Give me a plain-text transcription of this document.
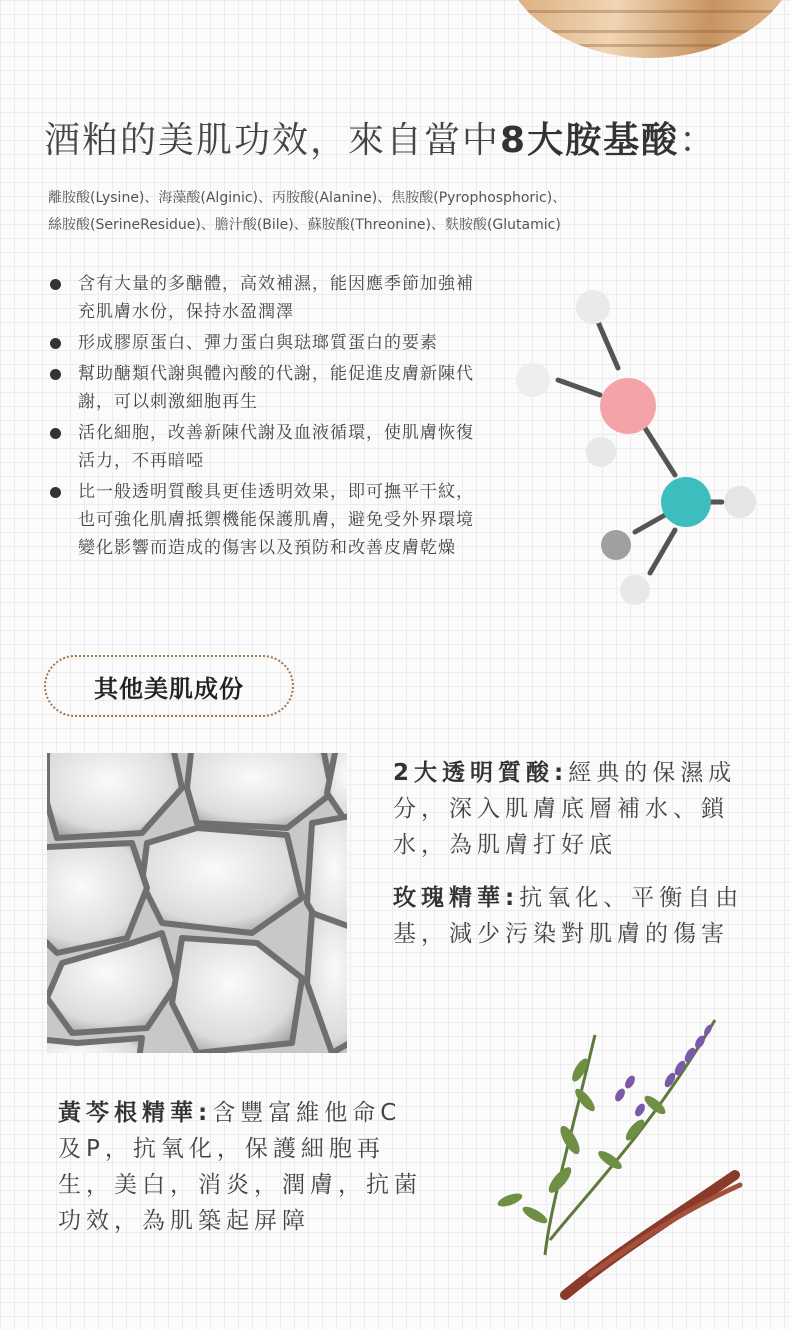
酒粕的美肌功效，來自當中8大胺基酸：
離胺酸(Lysine)、海藻酸(Alginic)、丙胺酸(Alanine)、焦胺酸(Pyrophosphoric)、
絲胺酸(SerineResidue)、膽汁酸(Bile)、蘇胺酸(Threonine)、麩胺酸(Glutamic)
含有大量的多醣體，高效補濕，能因應季節加強補充肌膚水份，保持水盈潤澤
形成膠原蛋白、彈力蛋白與琺瑯質蛋白的要素
幫助醣類代謝與體內酸的代謝，能促進皮膚新陳代謝，可以刺激細胞再生
活化細胞，改善新陳代謝及血液循環，使肌膚恢復活力，不再暗啞
比一般透明質酸具更佳透明效果，即可撫平干紋，也可強化肌膚抵禦機能保護肌膚，避免受外界環境變化影響而造成的傷害以及預防和改善皮膚乾燥
其他美肌成份
2大透明質酸:經典的保濕成分，深入肌膚底層補水、鎖水，為肌膚打好底
玫瑰精華:抗氧化、平衡自由基，減少污染對肌膚的傷害
黃芩根精華:含豐富維他命C及P，抗氧化，保護細胞再生，美白，消炎，潤膚，抗菌功效，為肌築起屏障
